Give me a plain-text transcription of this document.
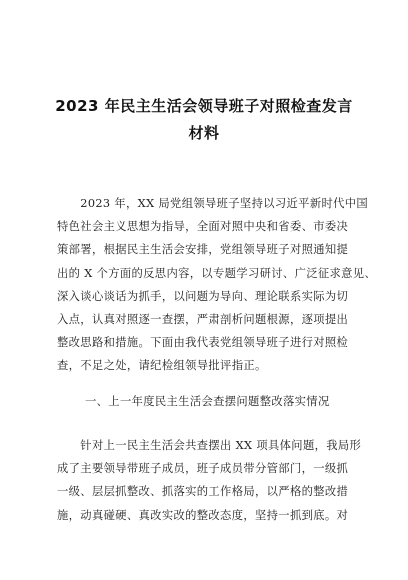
2023 年民主生活会领导班子对照检查发言
材料

　　2023 年，XX 局党组领导班子坚持以习近平新时代中国
特色社会主义思想为指导，全面对照中央和省委、市委决
策部署，根据民主生活会安排，党组领导班子对照通知提
出的 X 个方面的反思内容，以专题学习研讨、广泛征求意见、
深入谈心谈话为抓手，以问题为导向、理论联系实际为切
入点，认真对照逐一查摆，严肃剖析问题根源，逐项提出
整改思路和措施。下面由我代表党组领导班子进行对照检
查，不足之处，请纪检组领导批评指正。

一、上一年度民主生活会查摆问题整改落实情况

　　针对上一民主生活会共查摆出 XX 项具体问题，我局形
成了主要领导带班子成员，班子成员带分管部门，一级抓
一级、层层抓整改、抓落实的工作格局，以严格的整改措
施，动真碰硬、真改实改的整改态度，坚持一抓到底。对
